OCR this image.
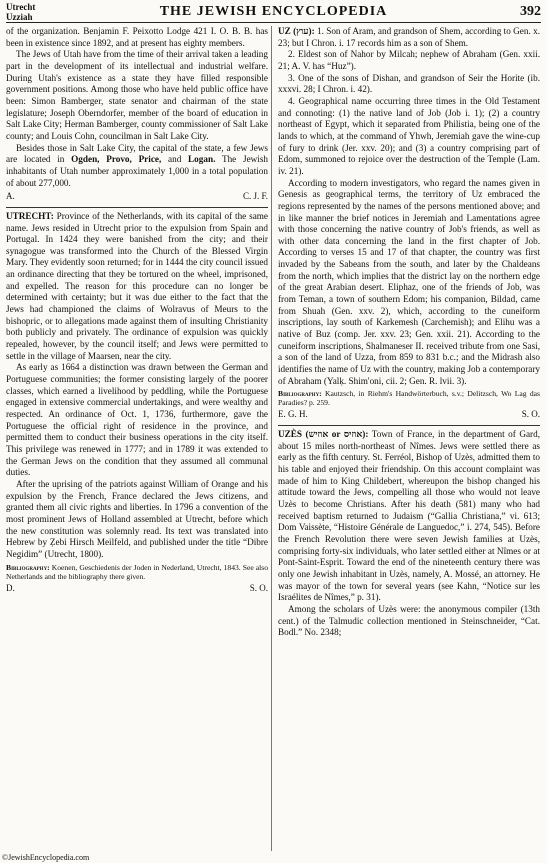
Utrecht
Uzziah	THE JEWISH ENCYCLOPEDIA	392

of the organization. Benjamin F. Peixotto Lodge 421 I. O. B. B. has been in existence since 1892, and at present has eighty members.

The Jews of Utah have from the time of their arrival taken a leading part in the development of its intellectual and industrial welfare. During Utah's existence as a state they have filled responsible government positions. Among those who have held public office have been: Simon Bamberger, state senator and chairman of the state legislature; Joseph Oberndorfer, member of the board of education in Salt Lake City; Herman Bamberger, county commissioner of Salt Lake county; and Louis Cohn, councilman in Salt Lake City.

Besides those in Salt Lake City, the capital of the state, a few Jews are located in Ogden, Provo, Price, and Logan. The Jewish inhabitants of Utah number approximately 1,000 in a total population of about 277,000.

A.	C. J. F.

UTRECHT: Province of the Netherlands, with its capital of the same name. Jews resided in Utrecht prior to the expulsion from Spain and Portugal. In 1424 they were banished from the city; and their synagogue was transformed into the Church of the Blessed Virgin Mary. They evidently soon returned; for in 1444 the city council issued an ordinance directing that they be tortured on the wheel, imprisoned, and expelled. The reason for this procedure can no longer be determined with certainty; but it was due either to the fact that the Jews had championed the claims of Wolravus of Meurs to the bishopric, or to allegations made against them of insulting Christianity both publicly and privately. The ordinance of expulsion was quickly repealed, however, by the council itself; and Jews were permitted to settle in the village of Maarsen, near the city.

As early as 1664 a distinction was drawn between the German and Portuguese communities; the former consisting largely of the poorer classes, which earned a livelihood by peddling, while the Portuguese engaged in extensive commercial undertakings, and were wealthy and respected. An ordinance of Oct. 1, 1736, furthermore, gave the Portuguese the official right of residence in the province, and permitted them to conduct their business operations in the city itself. This privilege was renewed in 1777; and in 1789 it was extended to the German Jews on the condition that they assumed all communal duties.

After the uprising of the patriots against William of Orange and his expulsion by the French, France declared the Jews citizens, and granted them all civic rights and liberties. In 1796 a convention of the most prominent Jews of Holland assembled at Utrecht, before which the new constitution was solemnly read. Its text was translated into Hebrew by Ẓebi Hirsch Meilfeld, and published under the title “Dibre Negidim” (Utrecht, 1800).

Bibliography: Koenen, Geschiedenis der Joden in Nederland, Utrecht, 1843. See also Netherlands and the bibliography there given.

D.	S. O.

UZ (עוץ): 1. Son of Aram, and grandson of Shem, according to Gen. x. 23; but I Chron. i. 17 records him as a son of Shem.

2. Eldest son of Nahor by Milcah; nephew of Abraham (Gen. xxii. 21; A. V. has “Huz”).

3. One of the sons of Dishan, and grandson of Seir the Horite (ib. xxxvi. 28; I Chron. i. 42).

4. Geographical name occurring three times in the Old Testament and connoting: (1) the native land of Job (Job i. 1); (2) a country northeast of Egypt, which it separated from Philistia, being one of the lands to which, at the command of Yhwh, Jeremiah gave the wine-cup of fury to drink (Jer. xxv. 20); and (3) a country comprising part of Edom, summoned to rejoice over the destruction of the Temple (Lam. iv. 21).

According to modern investigators, who regard the names given in Genesis as geographical terms, the territory of Uz embraced the regions represented by the names of the persons mentioned above; and in like manner the brief notices in Jeremiah and Lamentations agree with those concerning the native country of Job's friends, as well as with other data concerning the land in the first chapter of Job. According to verses 15 and 17 of that chapter, the country was first invaded by the Sabeans from the south, and later by the Chaldeans from the north, which implies that the district lay on the northern edge of the great Arabian desert. Eliphaz, one of the friends of Job, was from Teman, a town of southern Edom; his companion, Bildad, came from Shuah (Gen. xxv. 2), which, according to the cuneiform inscriptions, lay south of Karkemesh (Carchemish); and Elihu was a native of Buz (comp. Jer. xxv. 23; Gen. xxii. 21). According to the cuneiform inscriptions, Shalmaneser II. received tribute from one Sasi, a son of the land of Uzza, from 859 to 831 b.c.; and the Midrash also identifies the name of Uz with the country, making Job a contemporary of Abraham (Yalḳ. Shim'oni, cii. 2; Gen. R. lvii. 3).

Bibliography: Kautzsch, in Riehm's Handwörterbuch, s.v.; Delitzsch, Wo Lag das Paradies? p. 259.

E. G. H.	S. O.

UZÈS (אוזיש or אוזיס): Town of France, in the department of Gard, about 15 miles north-northeast of Nîmes. Jews were settled there as early as the fifth century. St. Ferréol, Bishop of Uzès, admitted them to his table and enjoyed their friendship. On this account complaint was made of him to King Childebert, whereupon the bishop changed his attitude toward the Jews, compelling all those who would not leave Uzès to become Christians. After his death (581) many who had received baptism returned to Judaism (“Gallia Christiana,” vi. 613; Dom Vaissète, “Histoire Générale de Languedoc,” i. 274, 545). Before the French Revolution there were seven Jewish families at Uzès, comprising forty-six individuals, who later settled either at Nîmes or at Pont-Saint-Esprit. Toward the end of the nineteenth century there was only one Jewish inhabitant in Uzès, namely, A. Mossé, an attorney. He was mayor of the town for several years (see Kahn, “Notice sur les Israélites de Nîmes,” p. 31).

Among the scholars of Uzès were: the anonymous compiler (13th cent.) of the Talmudic collection mentioned in Steinschneider, “Cat. Bodl.” No. 2348;

©JewishEncyclopedia.com
